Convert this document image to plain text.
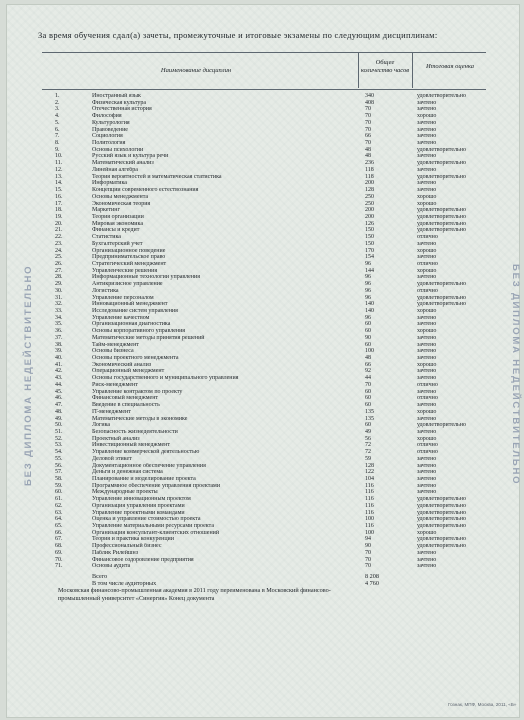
БЕЗ ДИПЛОМА НЕДЕЙСТВИТЕЛЬНО	БЕЗ ДИПЛОМА НЕДЕЙСТВИТЕЛЬНО
За время обучения сдал(а) зачеты, промежуточные и итоговые экзамены по следующим дисциплинам:
Наименование дисциплин
Общее количество часов	Итоговая оценка
1.	Иностранный язык	340	удовлетворительно
2.	Физическая культура	408	зачтено
3.	Отечественная история	70	зачтено
4.	Философия	70	хорошо
5.	Культурология	70	зачтено
6.	Правоведение	70	зачтено
7.	Социология	66	зачтено
8.	Политология	70	зачтено
9.	Основы психологии	48	удовлетворительно
10.	Русский язык и культура речи	48	зачтено
11.	Математический анализ	236	удовлетворительно
12.	Линейная алгебра	118	зачтено
13.	Теория вероятностей и математическая статистика	118	удовлетворительно
14.	Информатика	200	зачтено
15.	Концепции современного естествознания	128	зачтено
16.	Основы менеджмента	250	хорошо
17.	Экономическая теория	250	хорошо
18.	Маркетинг	200	удовлетворительно
19.	Теория организации	200	удовлетворительно
20.	Мировая экономика	126	удовлетворительно
21.	Финансы и кредит	150	удовлетворительно
22.	Статистика	150	отлично
23.	Бухгалтерский учет	150	зачтено
24.	Организационное поведение	170	хорошо
25.	Предпринимательское право	154	зачтено
26.	Стратегический менеджмент	96	отлично
27.	Управленческие решения	144	хорошо
28.	Информационные технологии управления	96	зачтено
29.	Антикризисное управление	96	удовлетворительно
30.	Логистика	96	отлично
31.	Управление персоналом	96	удовлетворительно
32.	Инновационный менеджмент	140	удовлетворительно
33.	Исследование систем управления	140	хорошо
34.	Управление качеством	96	зачтено
35.	Организационная диагностика	60	зачтено
36.	Основы корпоративного управления	60	хорошо
37.	Математические методы принятия решений	90	зачтено
38.	Тайм-менеджмент	60	зачтено
39.	Основы бизнеса	100	зачтено
40.	Основы проектного менеджмента	48	зачтено
41.	Экономический анализ	66	хорошо
42.	Операционный менеджмент	92	зачтено
43.	Основы государственного и муниципального управления	44	зачтено
44.	Риск-менеджмент	70	отлично
45.	Управление контрактом по проекту	60	зачтено
46.	Финансовый менеджмент	60	отлично
47.	Введение в специальность	60	зачтено
48.	IT-менеджмент	135	хорошо
49.	Математические методы в экономике	135	зачтено
50.	Логика	60	удовлетворительно
51.	Безопасность жизнедеятельности	49	зачтено
52.	Проектный анализ	56	хорошо
53.	Инвестиционный менеджмент	72	отлично
54.	Управление коммерческой деятельностью	72	отлично
55.	Деловой этикет	59	зачтено
56.	Документационное обеспечение управления	128	зачтено
57.	Деньги и денежная система	122	зачтено
58.	Планирование и моделирование проекта	104	зачтено
59.	Программное обеспечение управления проектами	116	зачтено
60.	Международные проекты	116	зачтено
61.	Управление инновационным проектом	116	удовлетворительно
62.	Организация управления проектами	116	удовлетворительно
63.	Управление проектными командами	116	удовлетворительно
64.	Оценка и управление стоимостью проекта	100	удовлетворительно
65.	Управление материальными ресурсами проекта	116	удовлетворительно
66.	Организация консультант-клиентских отношений	100	хорошо
67.	Теория и практика конкуренции	94	удовлетворительно
68.	Профессиональный бизнес	90	удовлетворительно
69.	Паблик Рилейшнз	70	зачтено
70.	Финансовое оздоровление предприятия	70	зачтено
71.	Основы аудита	70	зачтено
Всего	8 208
В том числе аудиторных	4 760
Московская финансово-промышленная академия в 2011 году переименована в Московский финансово-промышленный университет «Синергия» Конец документа
Гознак, МПФ, Москва, 2011, «Б»
